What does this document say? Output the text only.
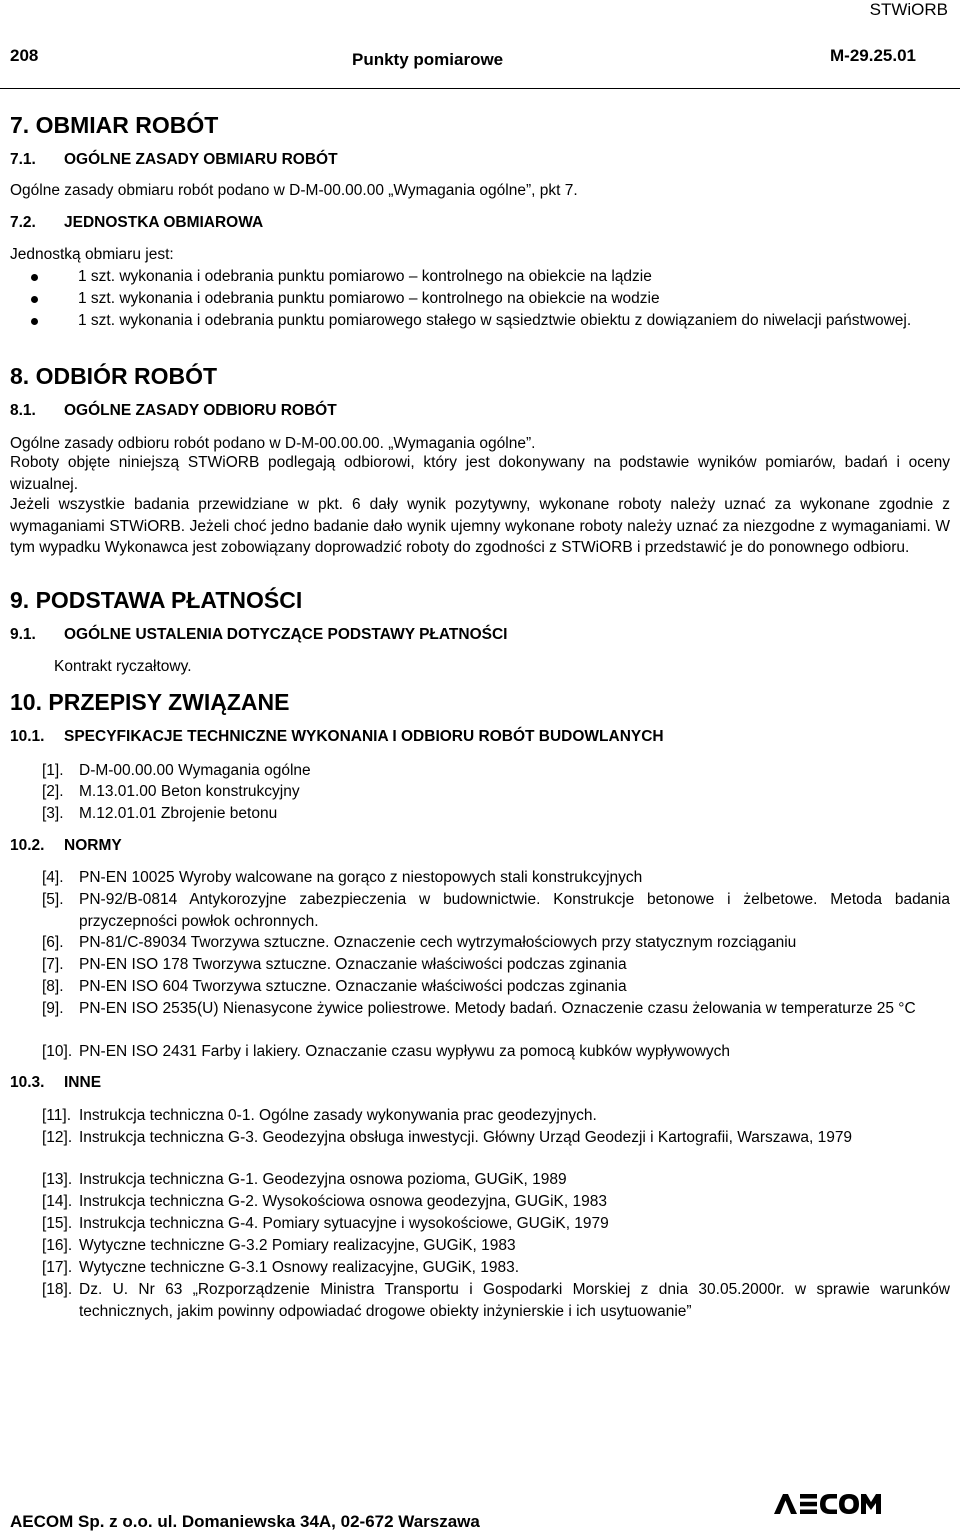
STWiORB
208	Punkty pomiarowe	M-29.25.01
7. OBMIAR ROBÓT
7.1. OGÓLNE ZASADY OBMIARU ROBÓT
Ogólne zasady obmiaru robót podano w D-M-00.00.00 „Wymagania ogólne”, pkt 7.
7.2. JEDNOSTKA OBMIAROWA
Jednostką obmiaru jest:
1 szt. wykonania i odebrania punktu pomiarowo – kontrolnego na obiekcie na lądzie
1 szt. wykonania i odebrania punktu pomiarowo – kontrolnego na obiekcie na wodzie
1 szt. wykonania i odebrania punktu pomiarowego stałego w sąsiedztwie obiektu z dowiązaniem do niwelacji państwowej.
8. ODBIÓR ROBÓT
8.1. OGÓLNE ZASADY ODBIORU ROBÓT
Ogólne zasady odbioru robót podano w D-M-00.00.00. „Wymagania ogólne”.
Roboty objęte niniejszą STWiORB podlegają odbiorowi, który jest dokonywany na podstawie wyników pomiarów, badań i oceny wizualnej.
Jeżeli wszystkie badania przewidziane w pkt. 6 dały wynik pozytywny, wykonane roboty należy uznać za wykonane zgodnie z wymaganiami STWiORB. Jeżeli choć jedno badanie dało wynik ujemny wykonane roboty należy uznać za niezgodne z wymaganiami. W tym wypadku Wykonawca jest zobowiązany doprowadzić roboty do zgodności z STWiORB i przedstawić je do ponownego odbioru.
9. PODSTAWA PŁATNOŚCI
9.1. OGÓLNE USTALENIA DOTYCZĄCE PODSTAWY PŁATNOŚCI
Kontrakt ryczałtowy.
10. PRZEPISY ZWIĄZANE
10.1. SPECYFIKACJE TECHNICZNE WYKONANIA I ODBIORU ROBÓT BUDOWLANYCH
[1]. D-M-00.00.00 Wymagania ogólne
[2]. M.13.01.00 Beton konstrukcyjny
[3]. M.12.01.01 Zbrojenie betonu
10.2. NORMY
[4]. PN-EN 10025 Wyroby walcowane na gorąco z niestopowych stali konstrukcyjnych
[5]. PN-92/B-0814 Antykorozyjne zabezpieczenia w budownictwie. Konstrukcje betonowe i żelbetowe. Metoda badania przyczepności powłok ochronnych.
[6]. PN-81/C-89034 Tworzywa sztuczne. Oznaczenie cech wytrzymałościowych przy statycznym rozciąganiu
[7]. PN-EN ISO 178 Tworzywa sztuczne. Oznaczanie właściwości podczas zginania
[8]. PN-EN ISO 604 Tworzywa sztuczne. Oznaczanie właściwości podczas zginania
[9]. PN-EN ISO 2535(U) Nienasycone żywice poliestrowe. Metody badań. Oznaczenie czasu żelowania w temperaturze 25 °C
[10]. PN-EN ISO 2431 Farby i lakiery. Oznaczanie czasu wypływu za pomocą kubków wypływowych
10.3. INNE
[11]. Instrukcja techniczna 0-1. Ogólne zasady wykonywania prac geodezyjnych.
[12]. Instrukcja techniczna G-3. Geodezyjna obsługa inwestycji. Główny Urząd Geodezji i Kartografii, Warszawa, 1979
[13]. Instrukcja techniczna G-1. Geodezyjna osnowa pozioma, GUGiK, 1989
[14]. Instrukcja techniczna G-2. Wysokościowa osnowa geodezyjna, GUGiK, 1983
[15]. Instrukcja techniczna G-4. Pomiary sytuacyjne i wysokościowe, GUGiK, 1979
[16]. Wytyczne techniczne G-3.2 Pomiary realizacyjne, GUGiK, 1983
[17]. Wytyczne techniczne G-3.1 Osnowy realizacyjne, GUGiK, 1983.
[18]. Dz. U. Nr 63 „Rozporządzenie Ministra Transportu i Gospodarki Morskiej z dnia 30.05.2000r. w sprawie warunków technicznych, jakim powinny odpowiadać drogowe obiekty inżynierskie i ich usytuowanie”
AECOM Sp. z o.o. ul. Domaniewska 34A, 02-672 Warszawa
